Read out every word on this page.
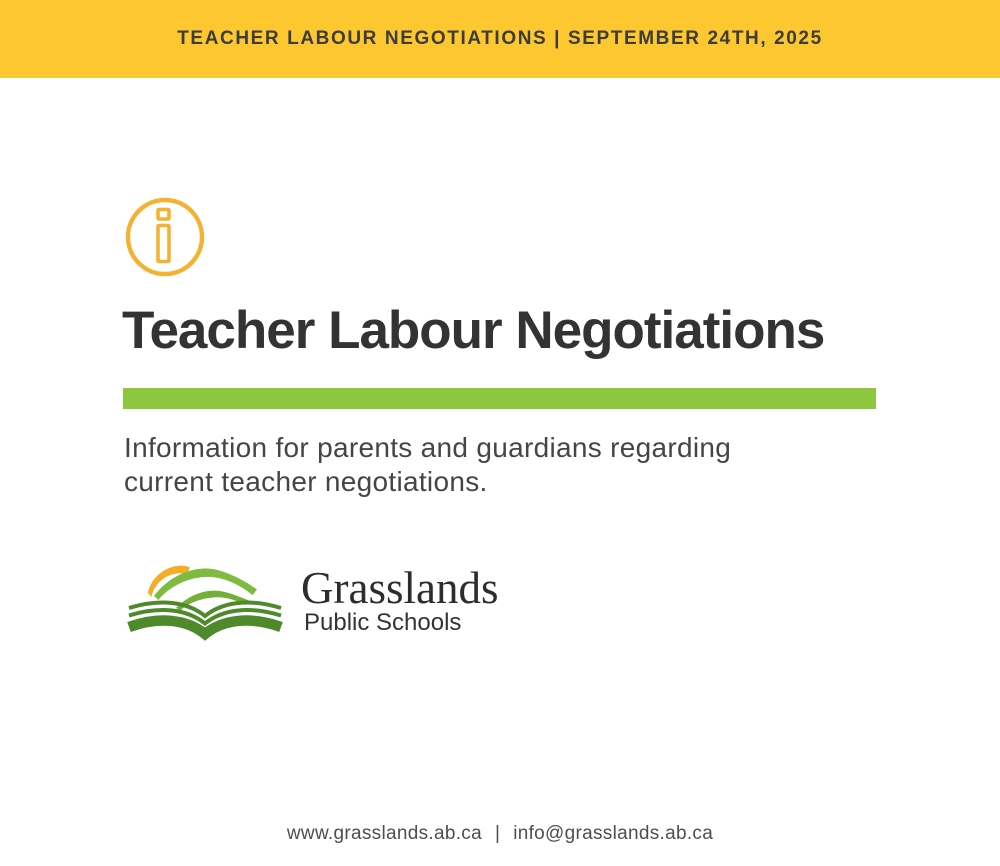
TEACHER LABOUR NEGOTIATIONS | SEPTEMBER 24TH, 2025
Teacher Labour Negotiations

Information for parents and guardians regarding current teacher negotiations.

Grasslands
Public Schools
www.grasslands.ab.ca | info@grasslands.ab.ca
